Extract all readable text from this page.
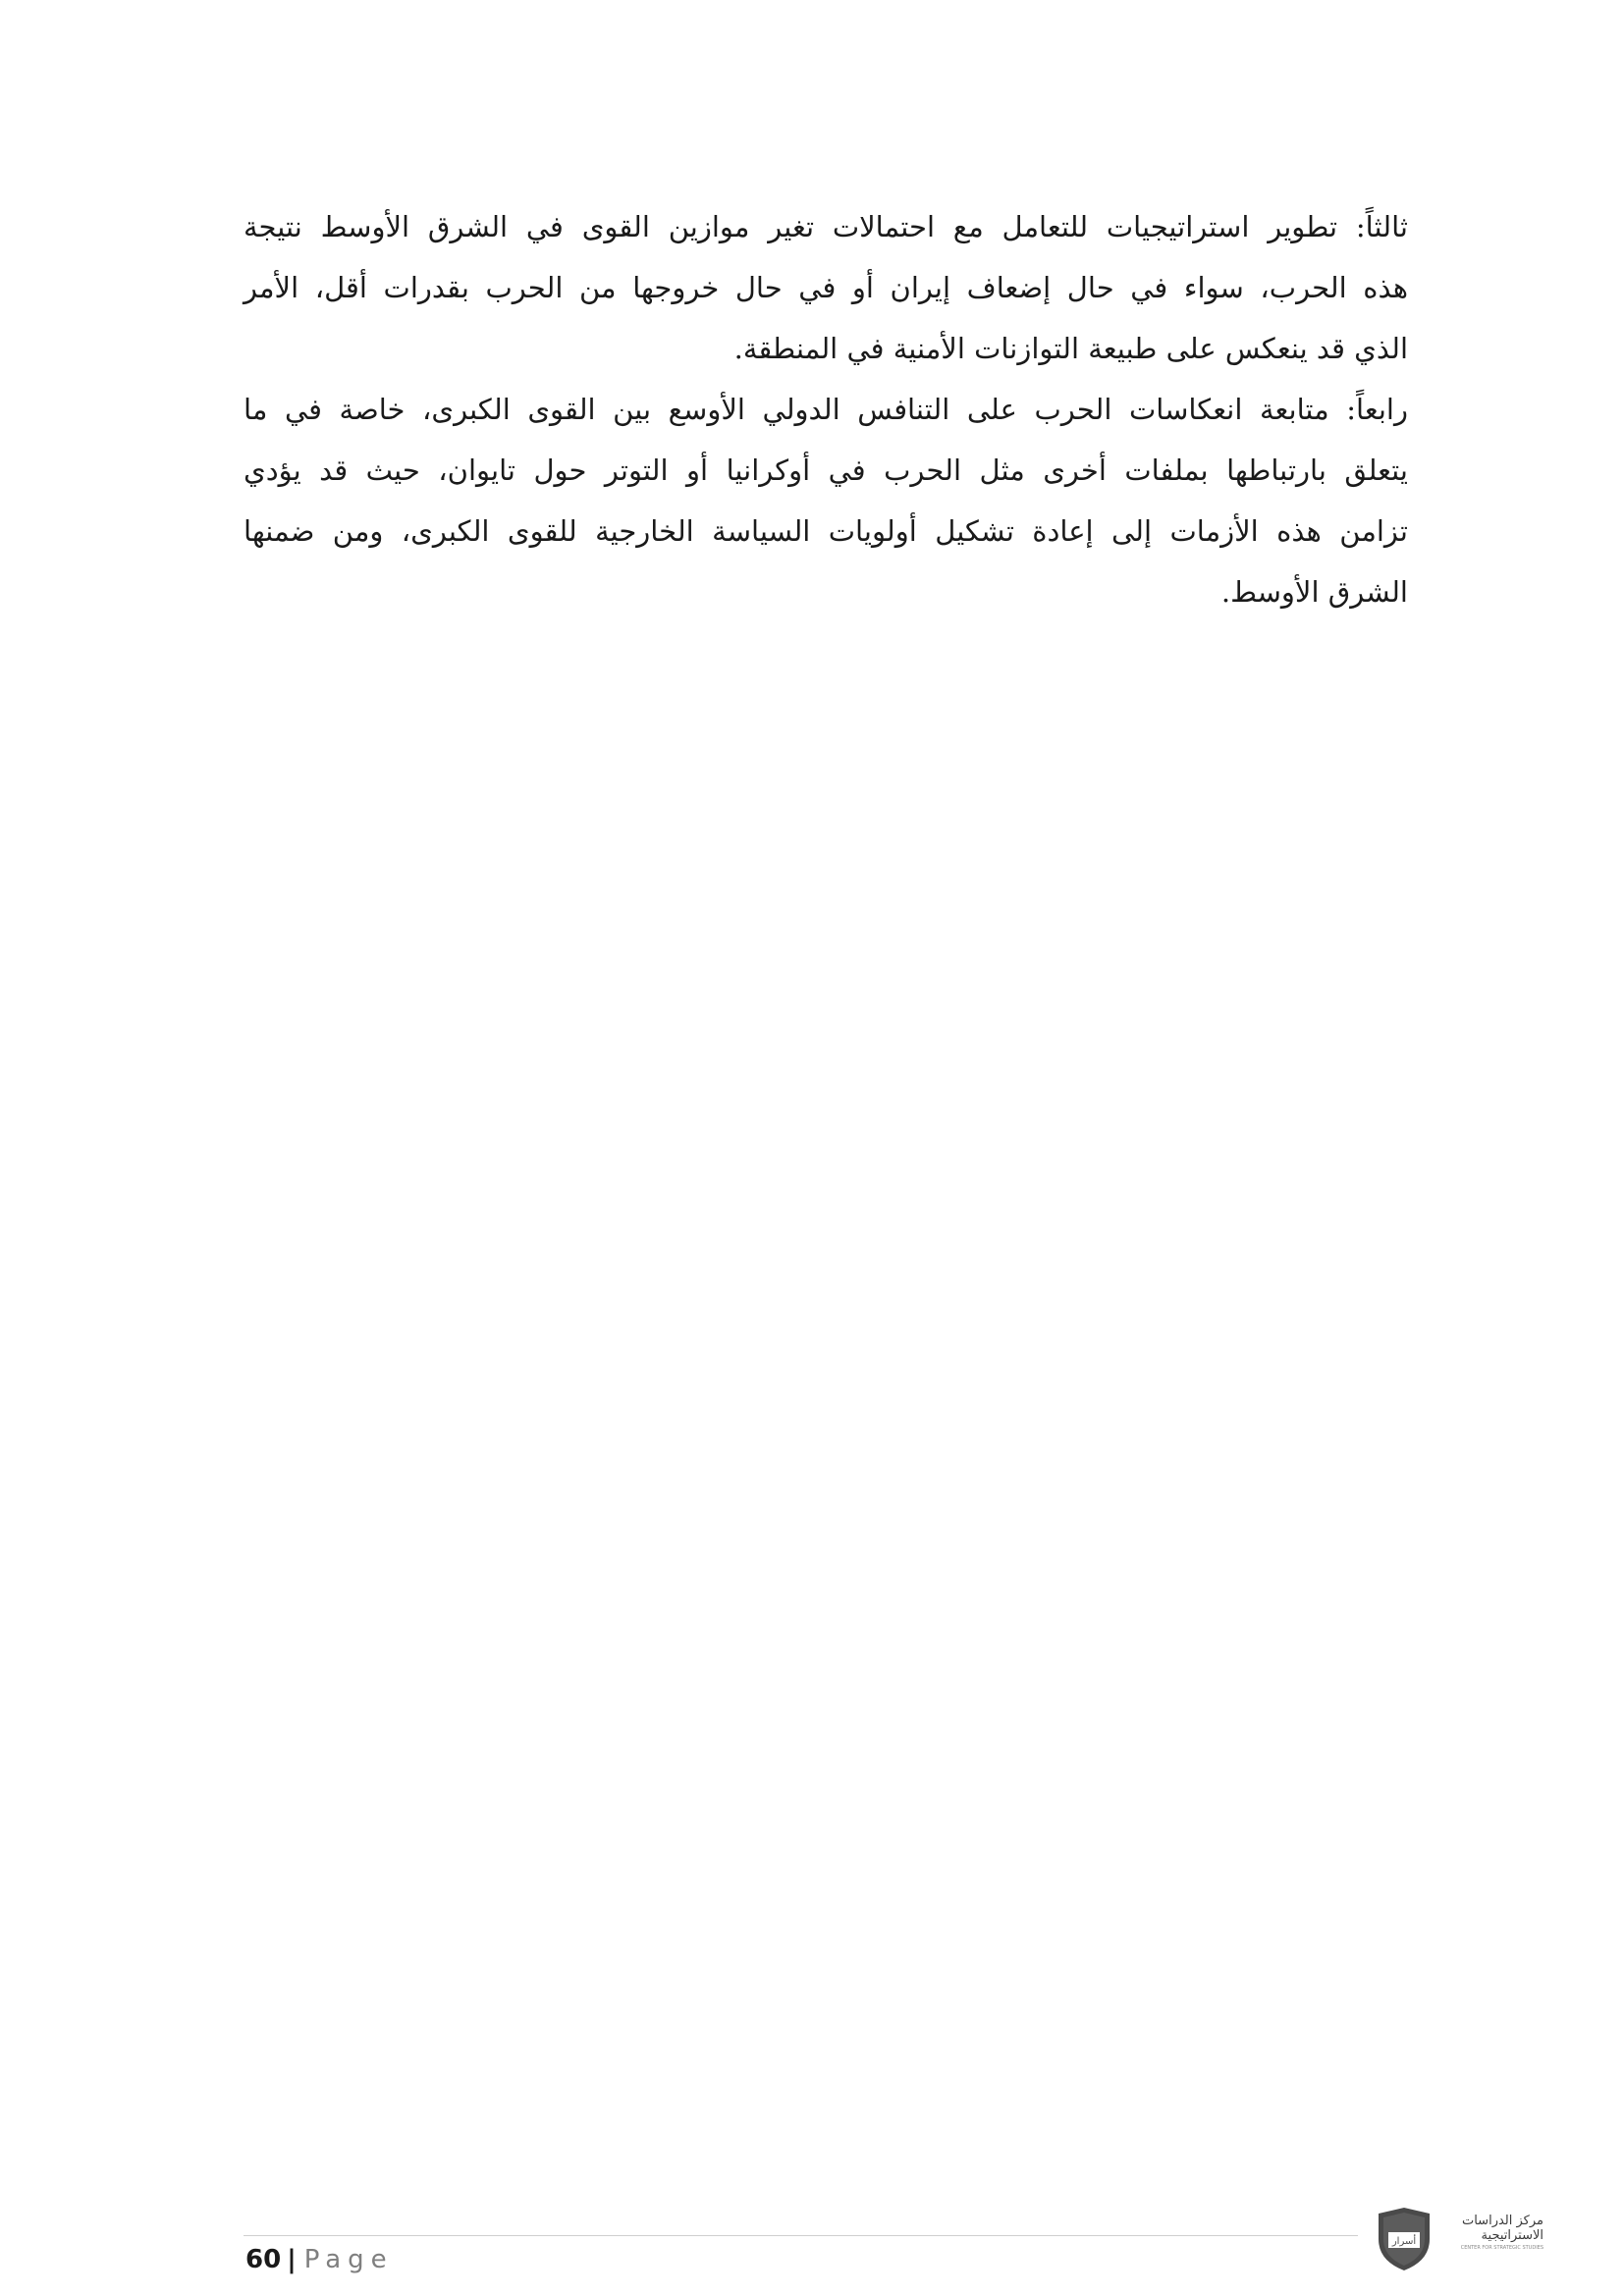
ثالثاً: تطوير استراتيجيات للتعامل مع احتمالات تغير موازين القوى في الشرق الأوسط نتيجة
هذه الحرب، سواء في حال إضعاف إيران أو في حال خروجها من الحرب بقدرات أقل، الأمر
الذي قد ينعكس على طبيعة التوازنات الأمنية في المنطقة.
رابعاً: متابعة انعكاسات الحرب على التنافس الدولي الأوسع بين القوى الكبرى، خاصة في ما
يتعلق بارتباطها بملفات أخرى مثل الحرب في أوكرانيا أو التوتر حول تايوان، حيث قد يؤدي
تزامن هذه الأزمات إلى إعادة تشكيل أولويات السياسة الخارجية للقوى الكبرى، ومن ضمنها
الشرق الأوسط.
60 | Page
أسرار
مركز الدراسات
الاستراتيجية
CENTER FOR STRATEGIC STUDIES
